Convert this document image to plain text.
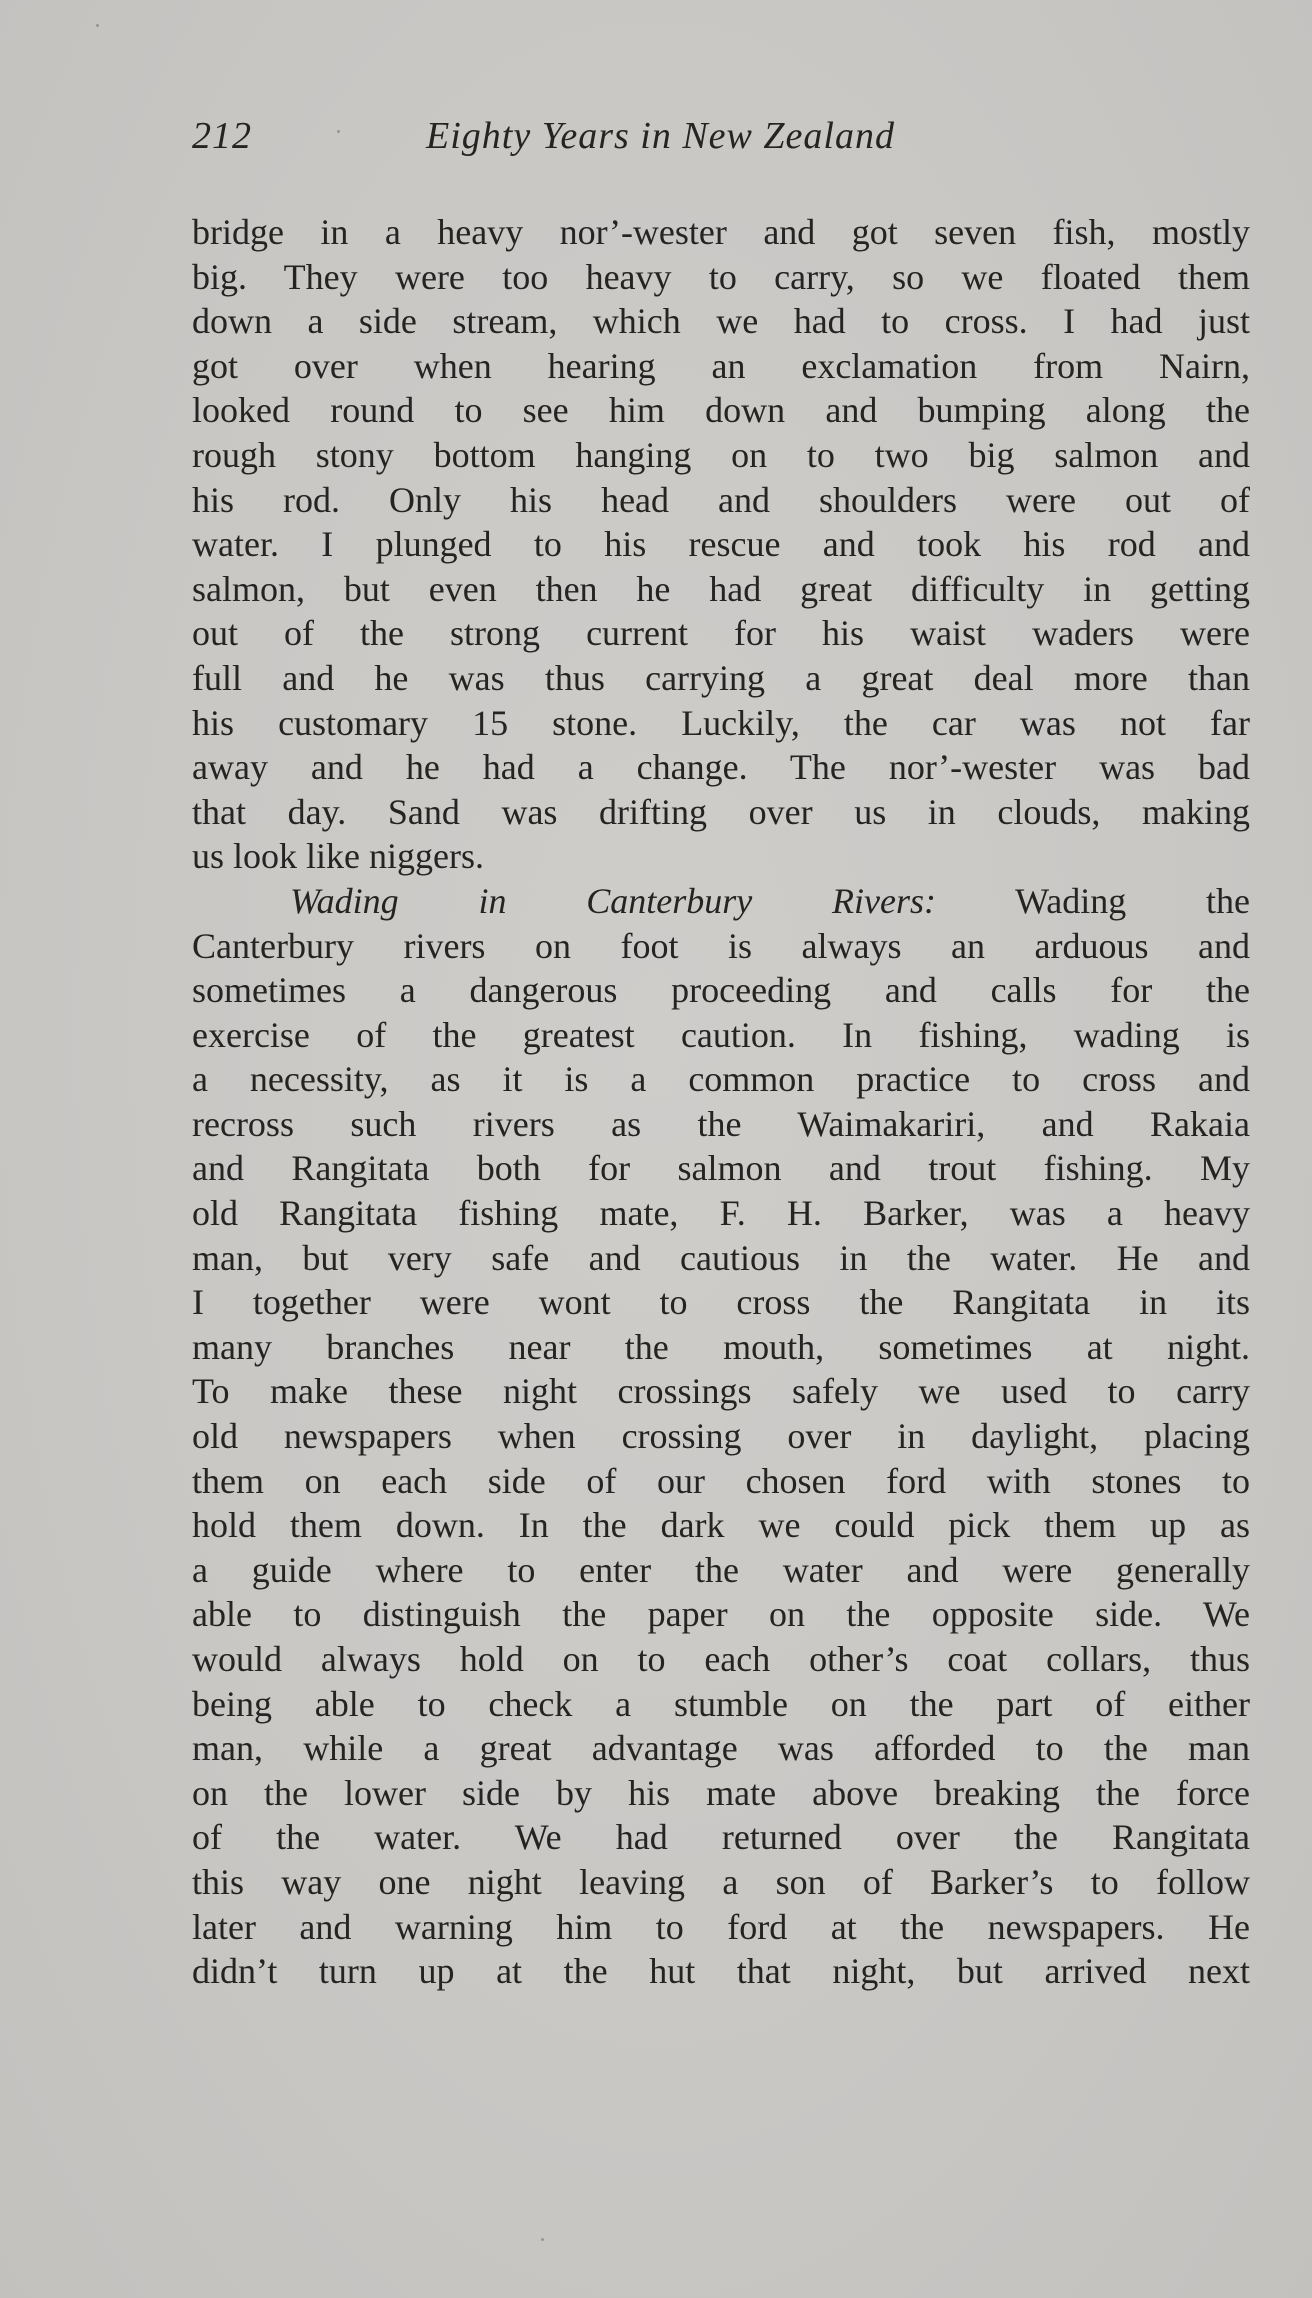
212	Eighty Years in New Zealand
bridge in a heavy nor’-wester and got seven fish, mostly
big. They were too heavy to carry, so we floated them
down a side stream, which we had to cross. I had just
got over when hearing an exclamation from Nairn,
looked round to see him down and bumping along the
rough stony bottom hanging on to two big salmon and
his rod. Only his head and shoulders were out of
water. I plunged to his rescue and took his rod and
salmon, but even then he had great difficulty in getting
out of the strong current for his waist waders were
full and he was thus carrying a great deal more than
his customary 15 stone. Luckily, the car was not far
away and he had a change. The nor’-wester was bad
that day. Sand was drifting over us in clouds, making
us look like niggers.
Wading in Canterbury Rivers: Wading the
Canterbury rivers on foot is always an arduous and
sometimes a dangerous proceeding and calls for the
exercise of the greatest caution. In fishing, wading is
a necessity, as it is a common practice to cross and
recross such rivers as the Waimakariri, and Rakaia
and Rangitata both for salmon and trout fishing. My
old Rangitata fishing mate, F. H. Barker, was a heavy
man, but very safe and cautious in the water. He and
I together were wont to cross the Rangitata in its
many branches near the mouth, sometimes at night.
To make these night crossings safely we used to carry
old newspapers when crossing over in daylight, placing
them on each side of our chosen ford with stones to
hold them down. In the dark we could pick them up as
a guide where to enter the water and were generally
able to distinguish the paper on the opposite side. We
would always hold on to each other’s coat collars, thus
being able to check a stumble on the part of either
man, while a great advantage was afforded to the man
on the lower side by his mate above breaking the force
of the water. We had returned over the Rangitata
this way one night leaving a son of Barker’s to follow
later and warning him to ford at the newspapers. He
didn’t turn up at the hut that night, but arrived next
